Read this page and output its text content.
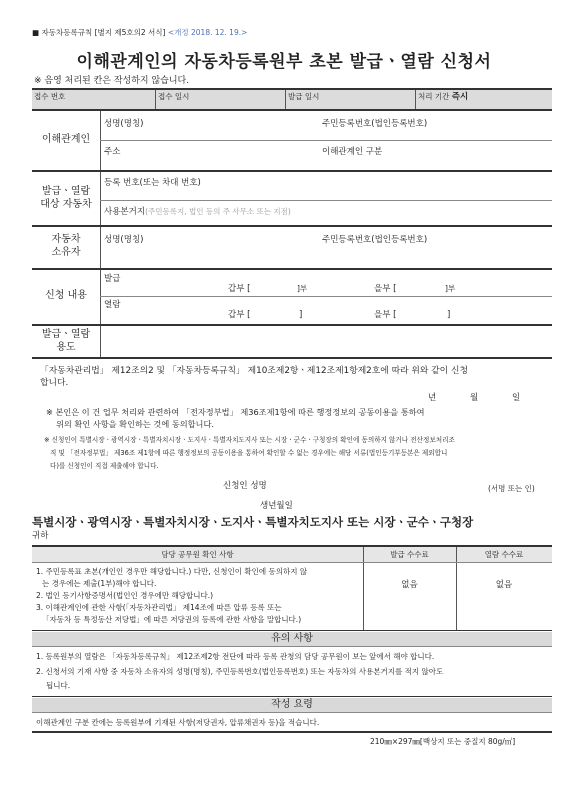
■ 자동차등록규칙 [별지 제5호의2 서식] <개정 2018. 12. 19.>
이해관계인의 자동차등록원부 초본 발급ㆍ열람 신청서
※ 음영 처리된 칸은 작성하지 않습니다.
접수 번호	접수 일시	발급 일시	처리 기간 즉시
이해관계인
성명(명칭)	주민등록번호(법인등록번호)
주소	이해관계인 구분
발급ㆍ열람
대상 자동차
등록 번호(또는 차대 번호)
사용본거지(주민등록지, 법인 등의 주 사무소 또는 지점)
자동차
소유자
성명(명칭)	주민등록번호(법인등록번호)
신청 내용
발급
갑부 [	]부	을부 [	]부
열람
갑부 [	]	을부 [	]
발급ㆍ열람
용도
「자동차관리법」 제12조의2 및 「자동차등록규칙」 제10조제2항ㆍ제12조제1항제2호에 따라 위와 같이 신청
합니다.
년	월	일
※ 본인은 이 건 업무 처리와 관련하여 「전자정부법」 제36조제1항에 따른 행정정보의 공동이용을 통하여
위의 확인 사항을 확인하는 것에 동의합니다.
※ 신청인이 특별시장ㆍ광역시장ㆍ특별자치시장ㆍ도지사ㆍ특별자치도지사 또는 시장ㆍ군수ㆍ구청장의 확인에 동의하지 않거나 전산정보처리조
직 및 「전자정부법」 제36조 제1항에 따른 행정정보의 공동이용을 통하여 확인할 수 없는 경우에는 해당 서류(법인등기부등본은 제외합니
다)를 신청인이 직접 제출해야 합니다.
신청인 성명	(서명 또는 인)
생년월일
특별시장ㆍ광역시장ㆍ특별자치시장ㆍ도지사ㆍ특별자치도지사 또는 시장ㆍ군수ㆍ구청장
귀하
담당 공무원 확인 사항	발급 수수료	열람 수수료
1. 주민등록표 초본(개인인 경우만 해당합니다.) 다만, 신청인이 확인에 동의하지 않
는 경우에는 제출(1부)해야 합니다.
2. 법인 등기사항증명서(법인인 경우에만 해당합니다.)
3. 이해관계인에 관한 사항(「자동차관리법」 제14조에 따른 압류 등록 또는
「자동차 등 특정동산 저당법」에 따른 저당권의 등록에 관한 사항을 말합니다.)
없음	없음
유의 사항
1. 등록원부의 열람은 「자동차등록규칙」 제12조제2항 전단에 따라 등록 관청의 담당 공무원이 보는 앞에서 해야 합니다.
2. 신청서의 기재 사항 중 자동차 소유자의 성명(명칭), 주민등록번호(법인등록번호) 또는 자동차의 사용본거지를 적지 않아도
됩니다.
작성 요령
이해관계인 구분 칸에는 등록원부에 기재된 사항(저당권자, 압류채권자 등)을 적습니다.
210㎜×297㎜[백상지 또는 중질지 80g/㎡]
